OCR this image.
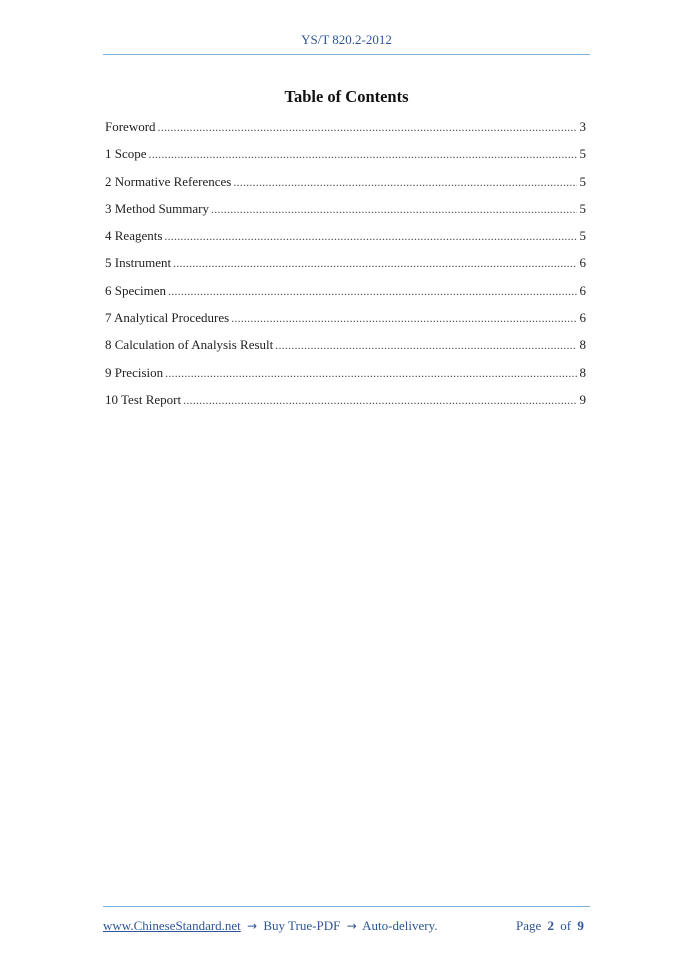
YS/T 820.2-2012
Table of Contents
Foreword .....	3
1 Scope .....	5
2 Normative References .....	5
3 Method Summary .....	5
4 Reagents .....	5
5 Instrument .....	6
6 Specimen .....	6
7 Analytical Procedures .....	6
8 Calculation of Analysis Result .....	8
9 Precision .....	8
10 Test Report .....	9
www.ChineseStandard.net → Buy True-PDF → Auto-delivery.	Page 2 of 9
